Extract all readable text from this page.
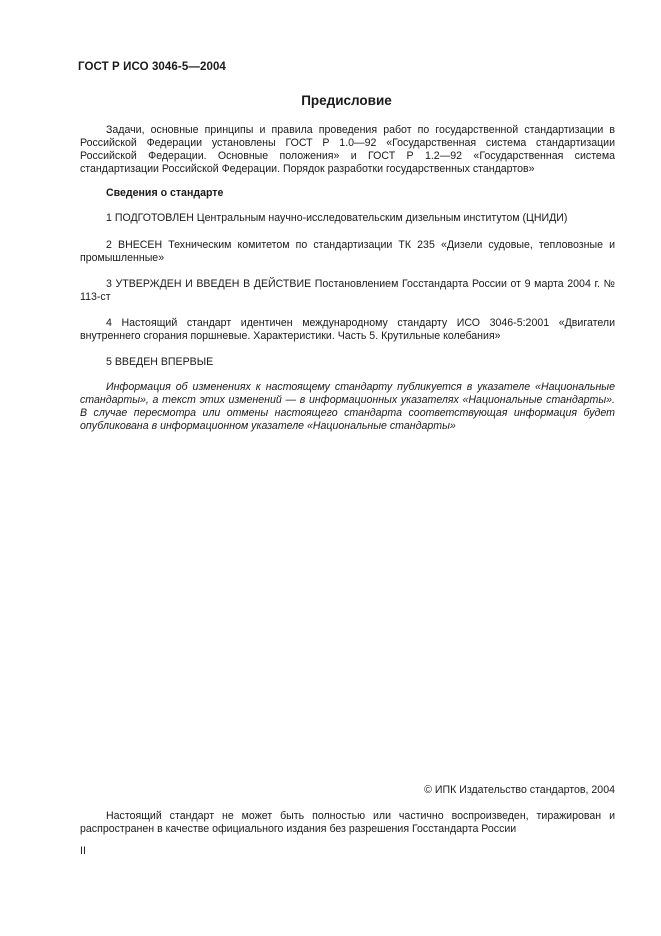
ГОСТ Р ИСО 3046-5—2004
Предисловие

Задачи, основные принципы и правила проведения работ по государственной стандартизации в Российской Федерации установлены ГОСТ Р 1.0—92 «Государственная система стандартизации Российской Федерации. Основные положения» и ГОСТ Р 1.2—92 «Государственная система стандартизации Российской Федерации. Порядок разработки государственных стандартов»

Сведения о стандарте

1 ПОДГОТОВЛЕН Центральным научно-исследовательским дизельным институтом (ЦНИДИ)

2 ВНЕСЕН Техническим комитетом по стандартизации ТК 235 «Дизели судовые, тепловозные и промышленные»

3 УТВЕРЖДЕН И ВВЕДЕН В ДЕЙСТВИЕ Постановлением Госстандарта России от 9 марта 2004 г. № 113-ст

4 Настоящий стандарт идентичен международному стандарту ИСО 3046-5:2001 «Двигатели внутреннего сгорания поршневые. Характеристики. Часть 5. Крутильные колебания»

5 ВВЕДЕН ВПЕРВЫЕ

Информация об изменениях к настоящему стандарту публикуется в указателе «Национальные стандарты», а текст этих изменений — в информационных указателях «Национальные стандарты». В случае пересмотра или отмены настоящего стандарта соответствующая информация будет опубликована в информационном указателе «Национальные стандарты»

© ИПК Издательство стандартов, 2004

Настоящий стандарт не может быть полностью или частично воспроизведен, тиражирован и распространен в качестве официального издания без разрешения Госстандарта России

II
